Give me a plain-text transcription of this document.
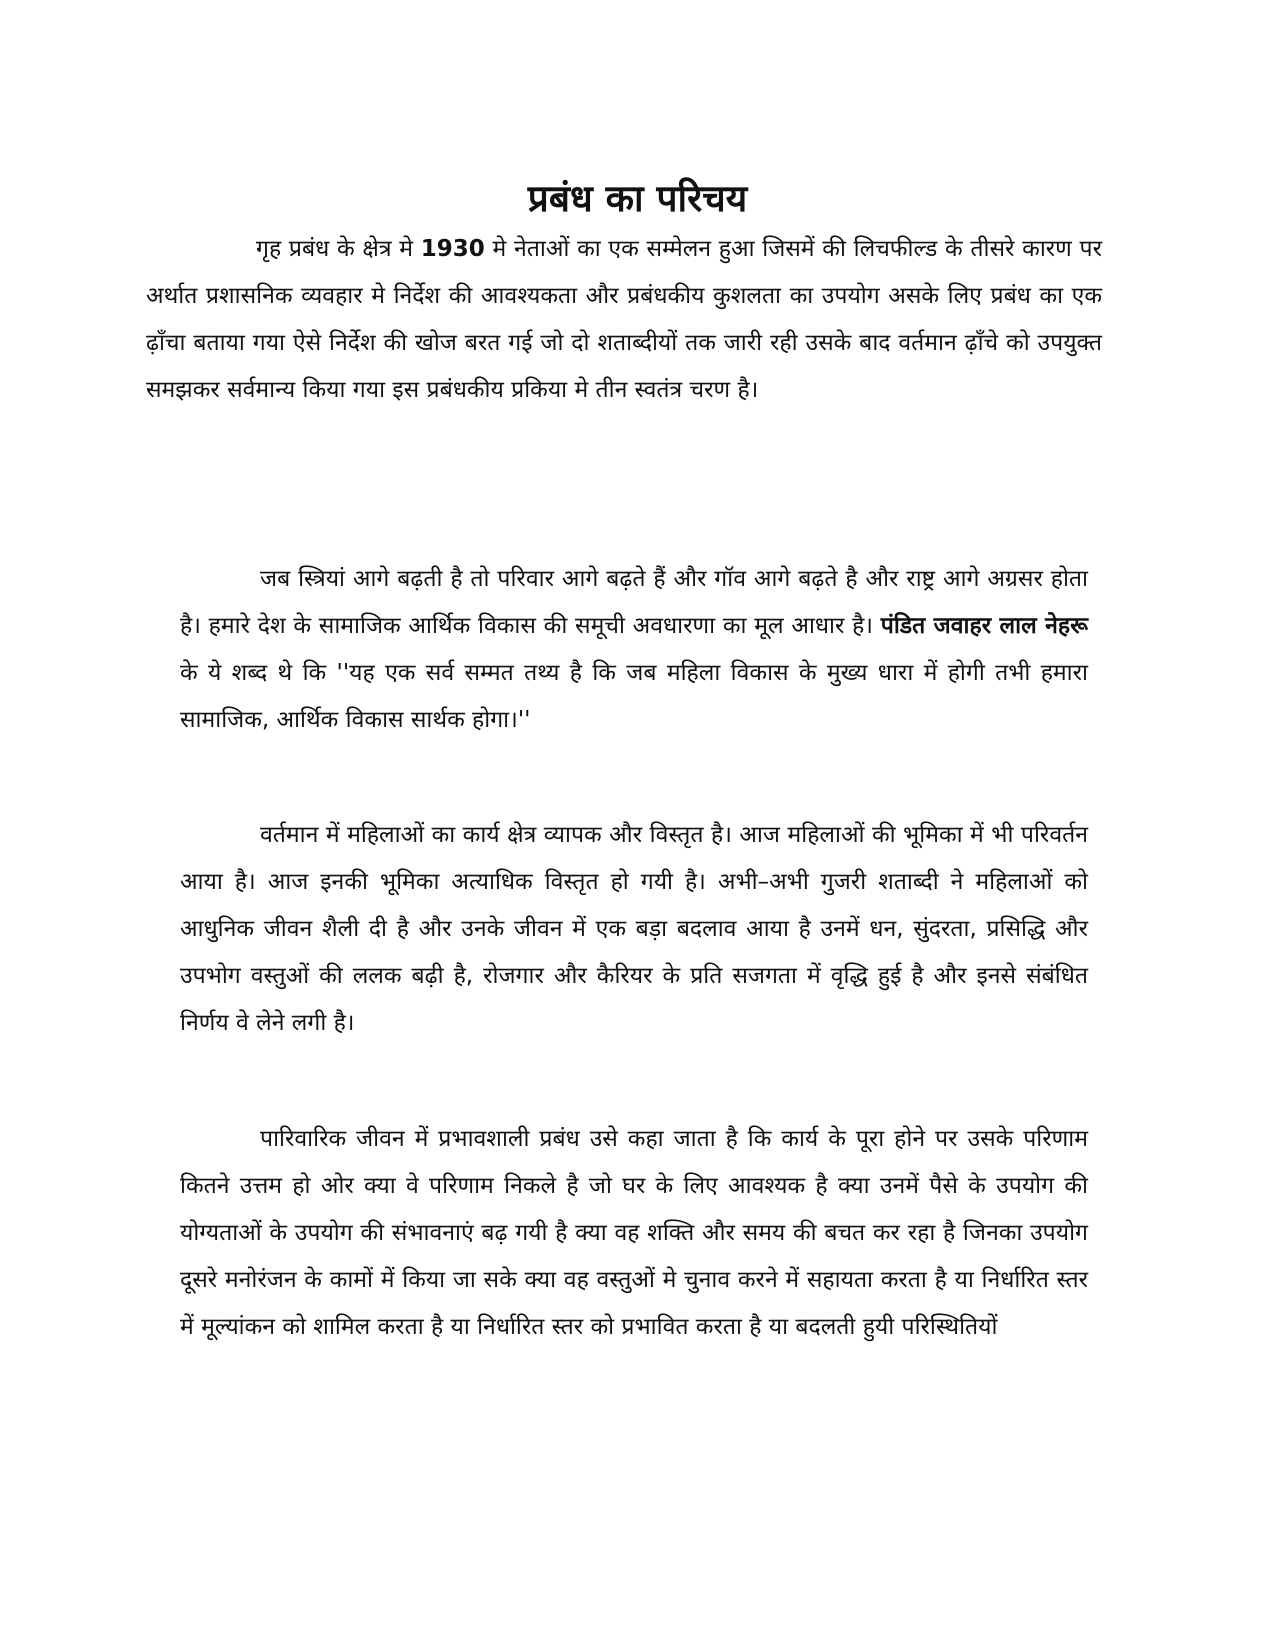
प्रबंध का परिचय

गृह प्रबंध के क्षेत्र मे 1930 मे नेताओं का एक सम्मेलन हुआ जिसमें की लिचफील्ड के तीसरे कारण पर अर्थात प्रशासनिक व्यवहार मे निर्देश की आवश्यकता और प्रबंधकीय कुशलता का उपयोग असके लिए प्रबंध का एक ढ़ॉंचा बताया गया ऐसे निर्देश की खोज बरत गई जो दो शताब्दीयों तक जारी रही उसके बाद वर्तमान ढ़ॉंचे को उपयुक्त समझकर सर्वमान्य किया गया इस प्रबंधकीय प्रकिया मे तीन स्वतंत्र चरण है।

जब स्त्रियां आगे बढ़ती है तो परिवार आगे बढ़ते हैं और गॉव आगे बढ़ते है और राष्ट्र आगे अग्रसर होता है। हमारे देश के सामाजिक आर्थिक विकास की समूची अवधारणा का मूल आधार है। पंडित जवाहर लाल नेहरू के ये शब्द थे कि ''यह एक सर्व सम्मत तथ्य है कि जब महिला विकास के मुख्य धारा में होगी तभी हमारा सामाजिक, आर्थिक विकास सार्थक होगा।''

वर्तमान में महिलाओं का कार्य क्षेत्र व्यापक और विस्तृत है। आज महिलाओं की भूमिका में भी परिवर्तन आया है। आज इनकी भूमिका अत्याधिक विस्तृत हो गयी है। अभी–अभी गुजरी शताब्दी ने महिलाओं को आधुनिक जीवन शैली दी है और उनके जीवन में एक बड़ा बदलाव आया है उनमें धन, सुंदरता, प्रसिद्धि और उपभोग वस्तुओं की ललक बढ़ी है, रोजगार और कैरियर के प्रति सजगता में वृद्धि हुई है और इनसे संबंधित निर्णय वे लेने लगी है।

पारिवारिक जीवन में प्रभावशाली प्रबंध उसे कहा जाता है कि कार्य के पूरा होने पर उसके परिणाम कितने उत्तम हो ओर क्या वे परिणाम निकले है जो घर के लिए आवश्यक है क्या उनमें पैसे के उपयोग की योग्यताओं के उपयोग की संभावनाएं बढ़ गयी है क्या वह शक्ति और समय की बचत कर रहा है जिनका उपयोग दूसरे मनोरंजन के कामों में किया जा सके क्या वह वस्तुओं मे चुनाव करने में सहायता करता है या निर्धारित स्तर में मूल्यांकन को शामिल करता है या निर्धारित स्तर को प्रभावित करता है या बदलती हुयी परिस्थितियों
